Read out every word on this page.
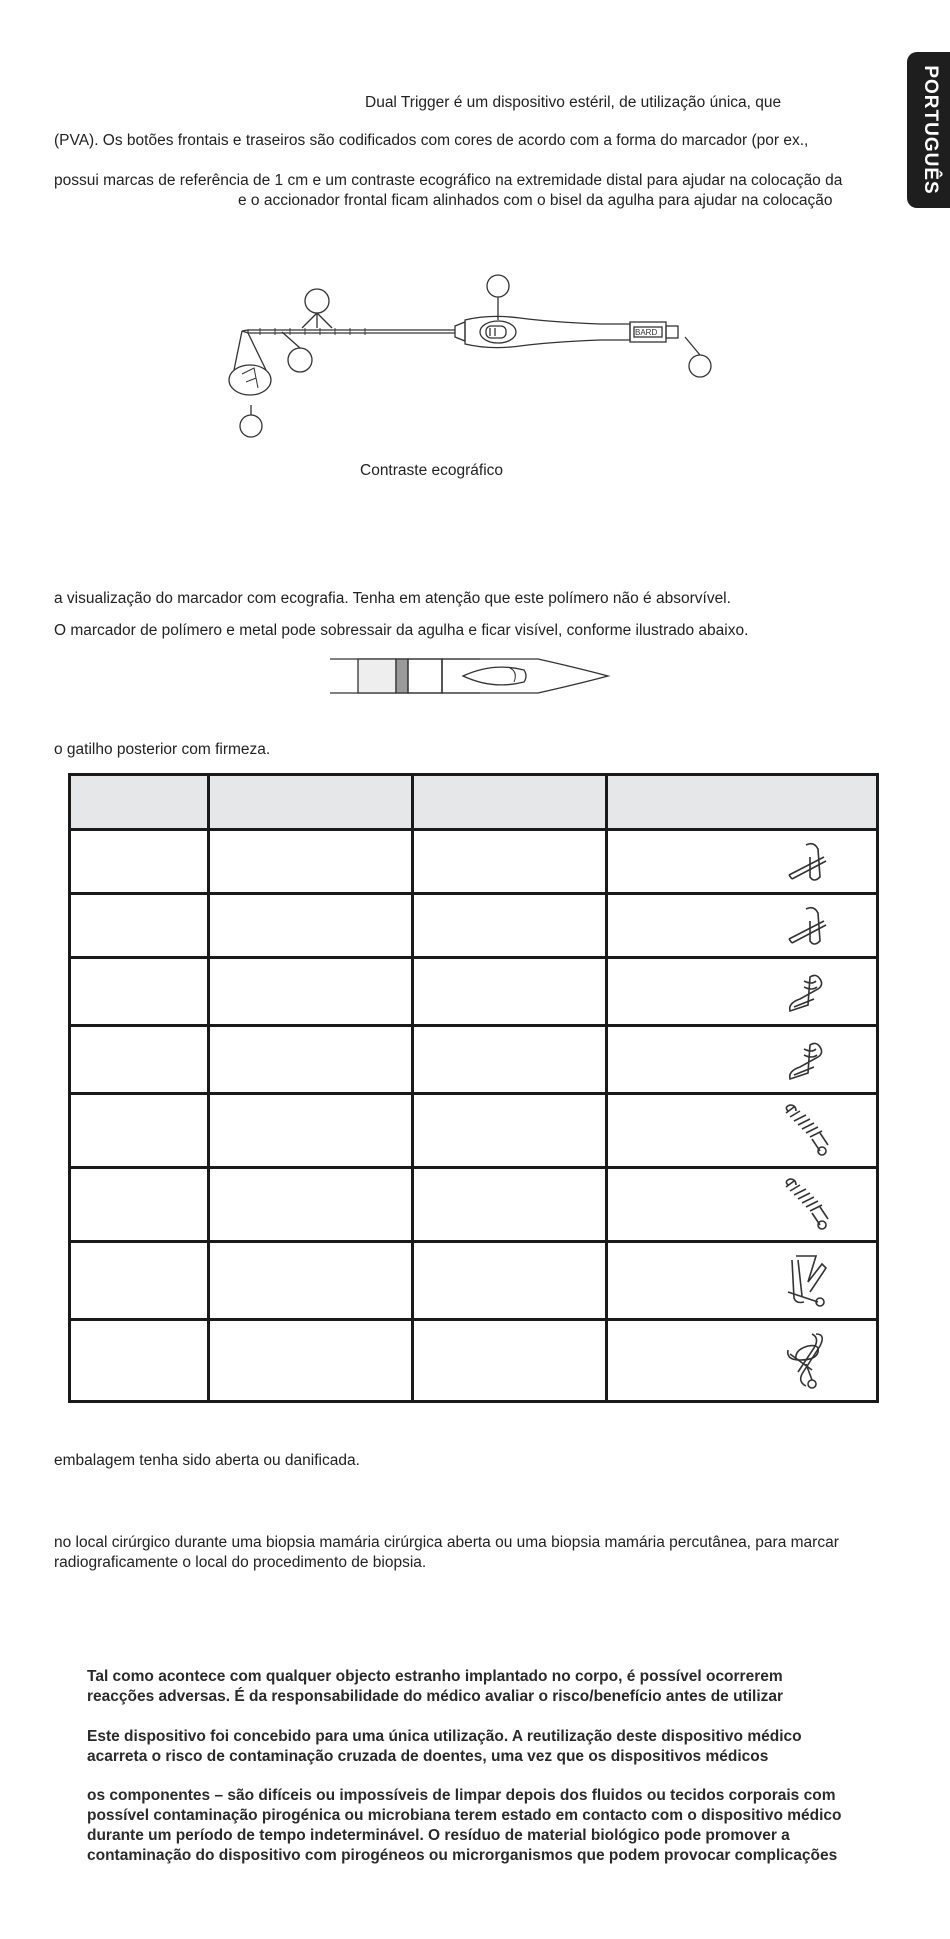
PORTUGUÊS
Dual Trigger é um dispositivo estéril, de utilização única, que
(PVA). Os botões frontais e traseiros são codificados com cores de acordo com a forma do marcador (por ex.,
possui marcas de referência de 1 cm e um contraste ecográfico na extremidade distal para ajudar na colocação da
e o accionador frontal ficam alinhados com o bisel da agulha para ajudar na colocação
BARD
Contraste ecográfico
a visualização do marcador com ecografia. Tenha em atenção que este polímero não é absorvível.
O marcador de polímero e metal pode sobressair da agulha e ficar visível, conforme ilustrado abaixo.
o gatilho posterior com firmeza.

embalagem tenha sido aberta ou danificada.
no local cirúrgico durante uma biopsia mamária cirúrgica aberta ou uma biopsia mamária percutânea, para marcar
radiograficamente o local do procedimento de biopsia.
Tal como acontece com qualquer objecto estranho implantado no corpo, é possível ocorrerem
reacções adversas. É da responsabilidade do médico avaliar o risco/benefício antes de utilizar
Este dispositivo foi concebido para uma única utilização. A reutilização deste dispositivo médico
acarreta o risco de contaminação cruzada de doentes, uma vez que os dispositivos médicos
os componentes – são difíceis ou impossíveis de limpar depois dos fluidos ou tecidos corporais com
possível contaminação pirogénica ou microbiana terem estado em contacto com o dispositivo médico
durante um período de tempo indeterminável. O resíduo de material biológico pode promover a
contaminação do dispositivo com pirogéneos ou microrganismos que podem provocar complicações
